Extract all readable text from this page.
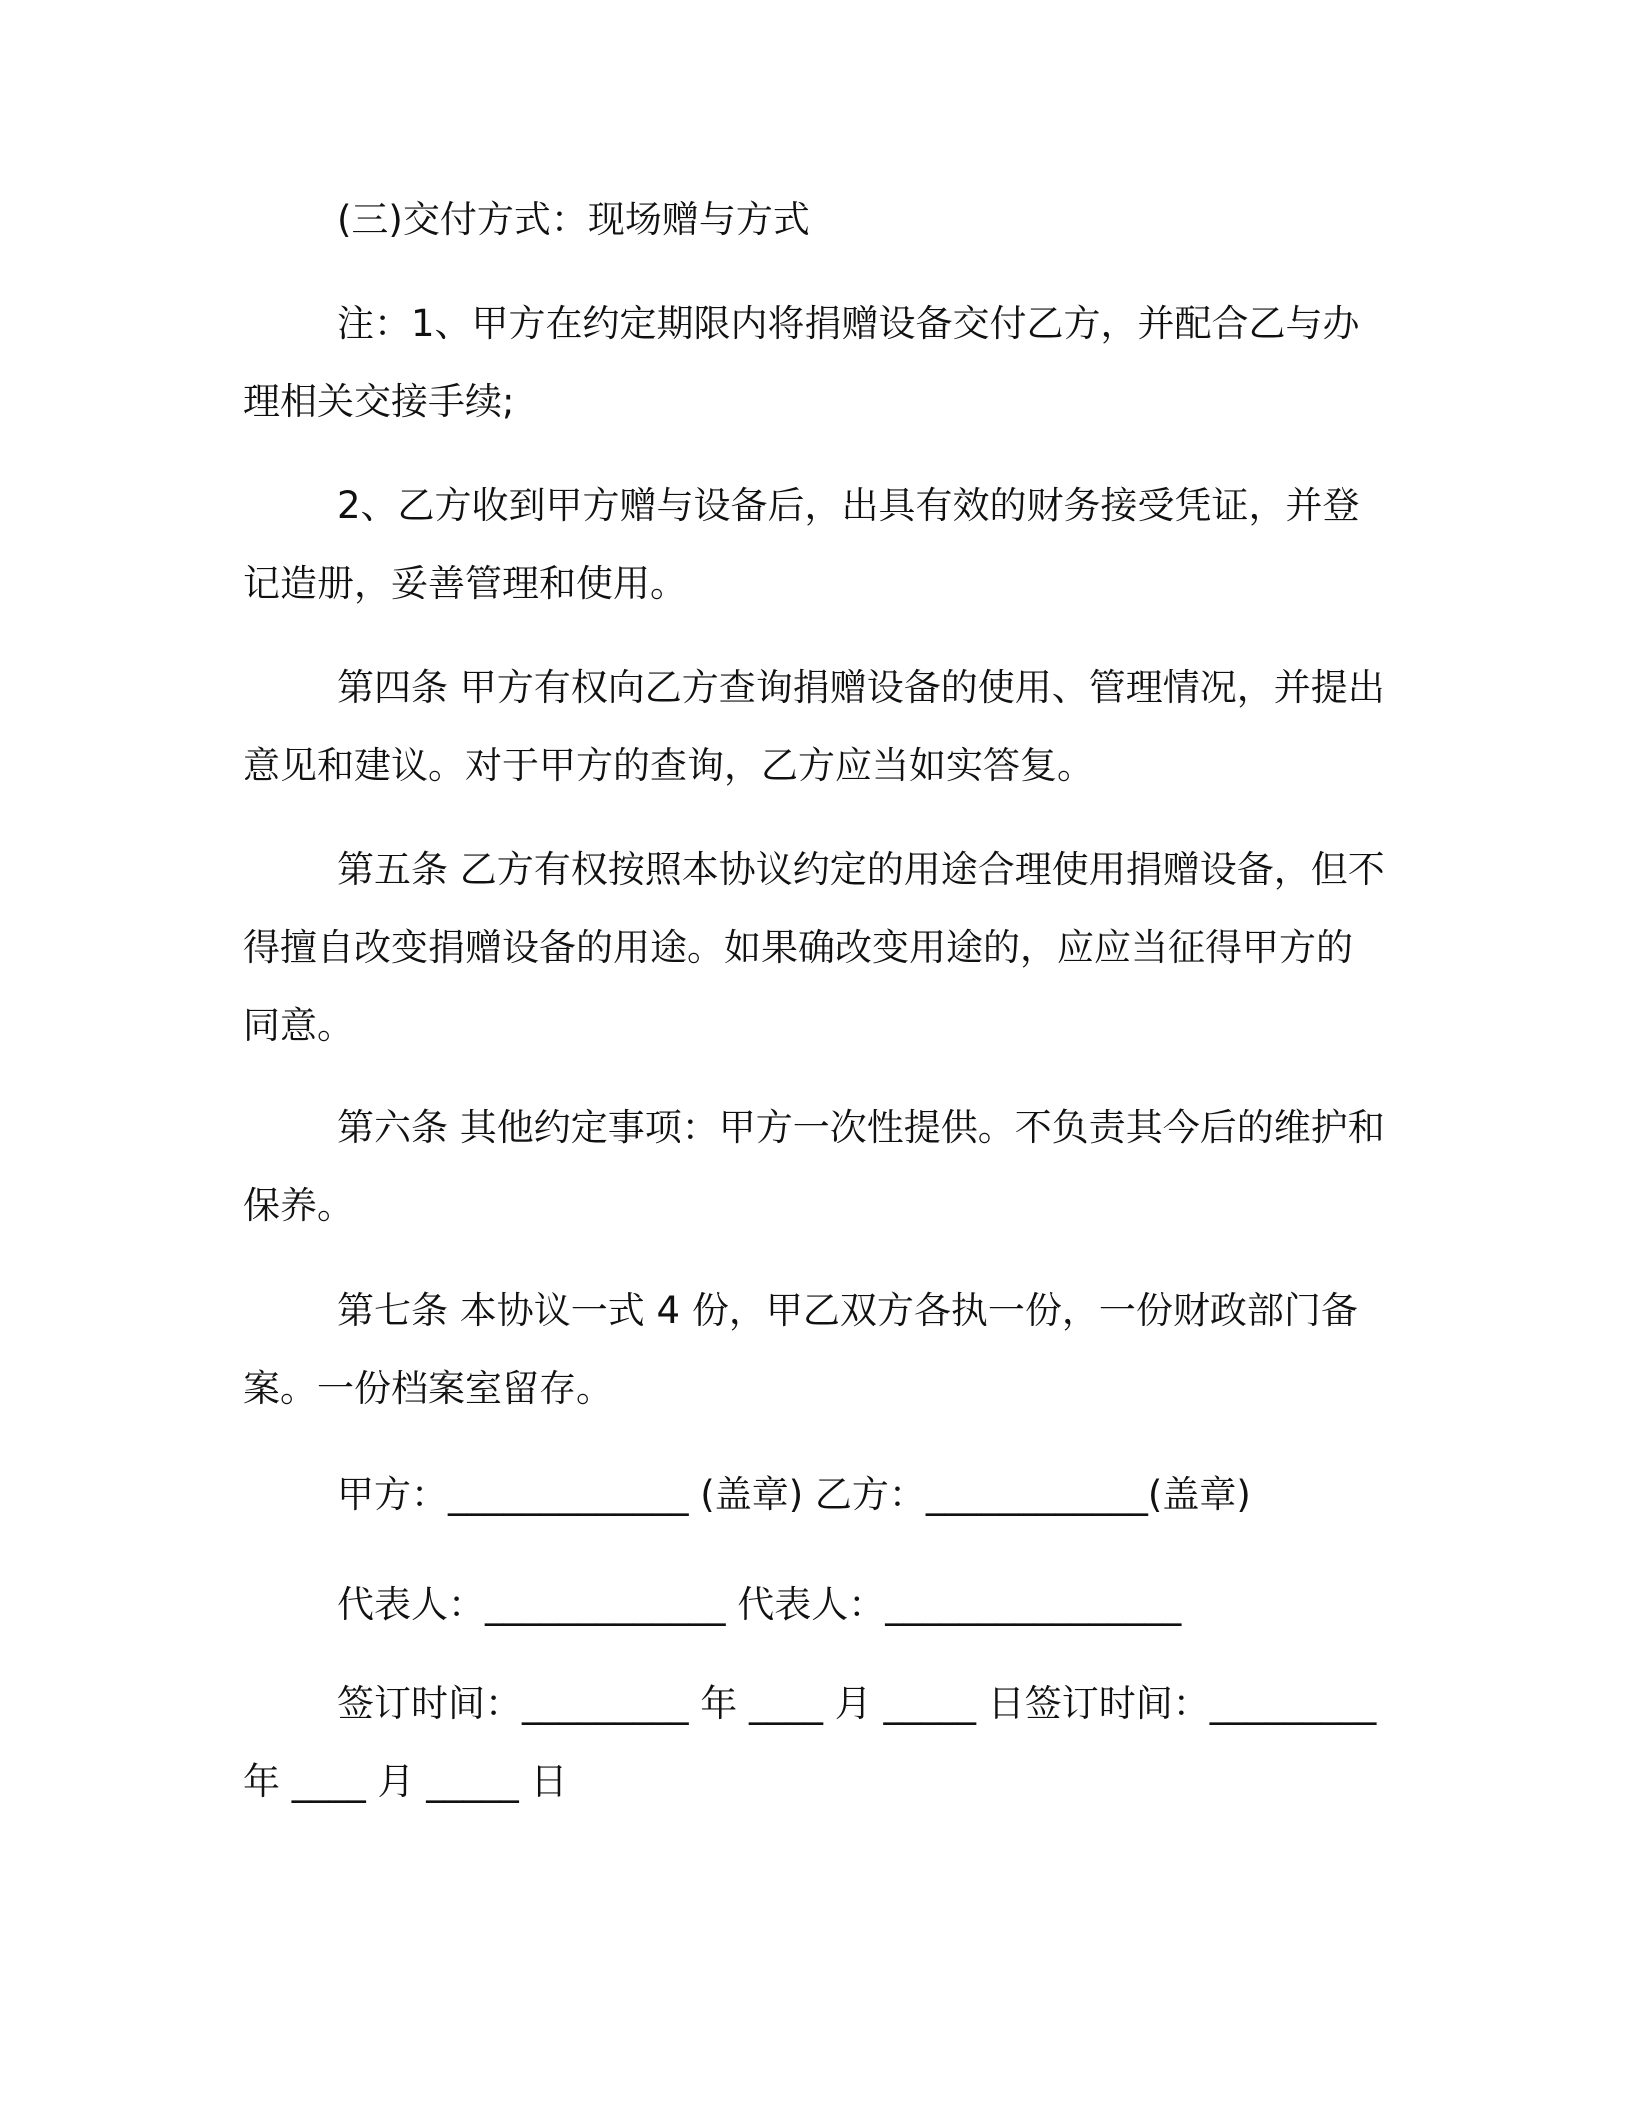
(三)交付方式：现场赠与方式
注：1、甲方在约定期限内将捐赠设备交付乙方，并配合乙与办
理相关交接手续;
2、乙方收到甲方赠与设备后，出具有效的财务接受凭证，并登
记造册，妥善管理和使用。
第四条 甲方有权向乙方查询捐赠设备的使用、管理情况，并提出
意见和建议。对于甲方的查询，乙方应当如实答复。
第五条 乙方有权按照本协议约定的用途合理使用捐赠设备，但不
得擅自改变捐赠设备的用途。如果确改变用途的，应应当征得甲方的
同意。
第六条 其他约定事项：甲方一次性提供。不负责其今后的维护和
保养。
第七条 本协议一式 4 份，甲乙双方各执一份，一份财政部门备
案。一份档案室留存。
甲方：_____________ (盖章) 乙方：____________(盖章)
代表人：_____________ 代表人：________________
签订时间：_________ 年 ____ 月 _____ 日签订时间：_________
年 ____ 月 _____ 日
